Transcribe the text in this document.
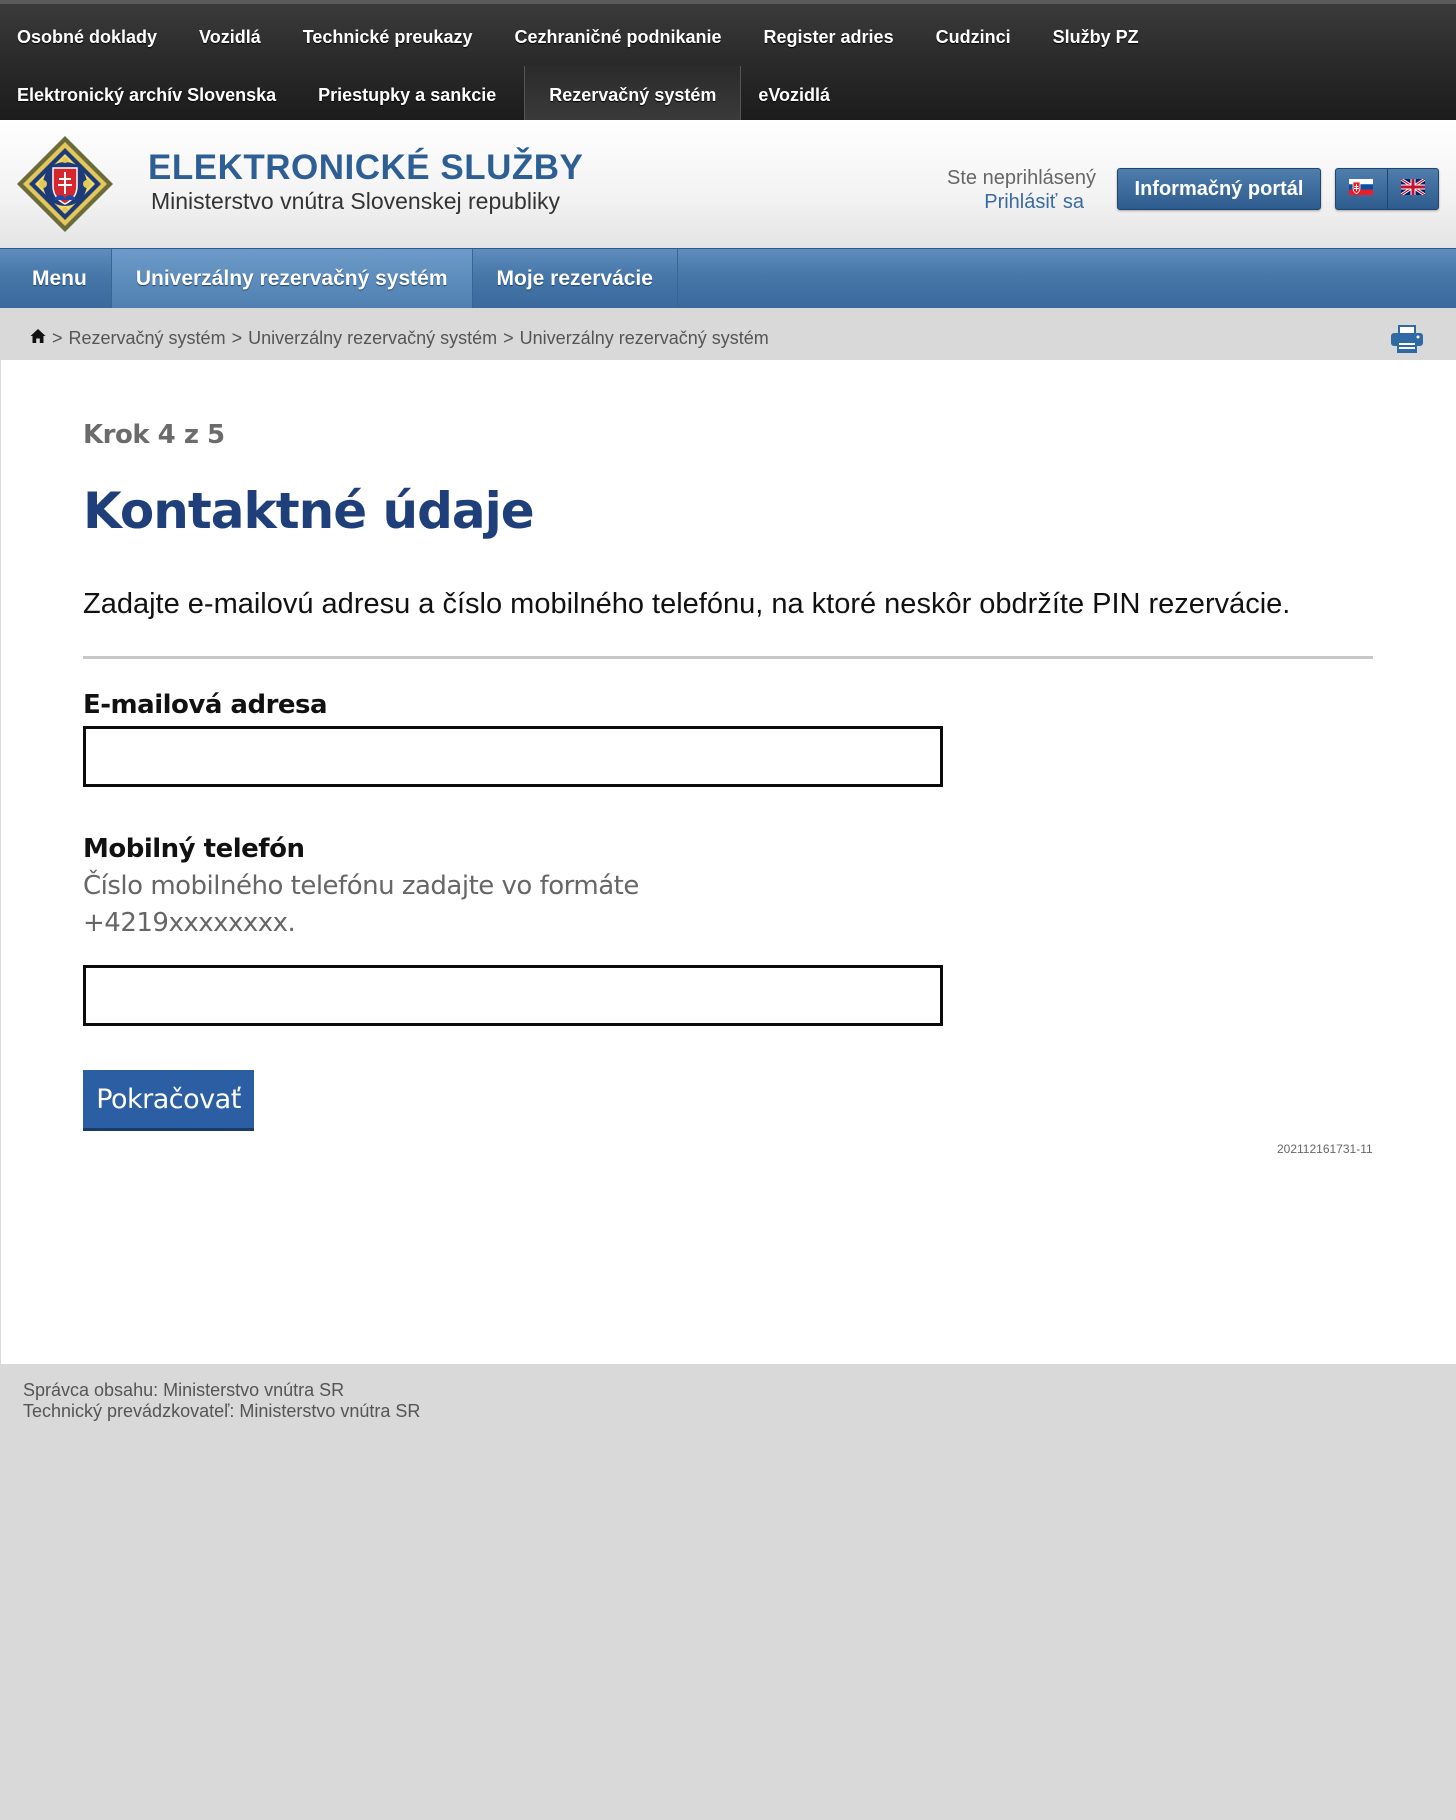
Osobné doklady	Vozidlá	Technické preukazy	Cezhraničné podnikanie	Register adries	Cudzinci	Služby PZ
Elektronický archív Slovenska	Priestupky a sankcie	Rezervačný systém	eVozidlá
ELEKTRONICKÉ SLUŽBY
Ministerstvo vnútra Slovenskej republiky
Ste neprihlásený
Prihlásiť sa
Informačný portál
Menu	Univerzálny rezervačný systém	Moje rezervácie
> Rezervačný systém > Univerzálny rezervačný systém > Univerzálny rezervačný systém
Krok 4 z 5
Kontaktné údaje

Zadajte e-mailovú adresu a číslo mobilného telefónu, na ktoré neskôr obdržíte PIN rezervácie.

E-mailová adresa
Mobilný telefón
Číslo mobilného telefónu zadajte vo formáte
+4219xxxxxxxx.
Pokračovať
202112161731-11
Správca obsahu: Ministerstvo vnútra SR
Technický prevádzkovateľ: Ministerstvo vnútra SR
